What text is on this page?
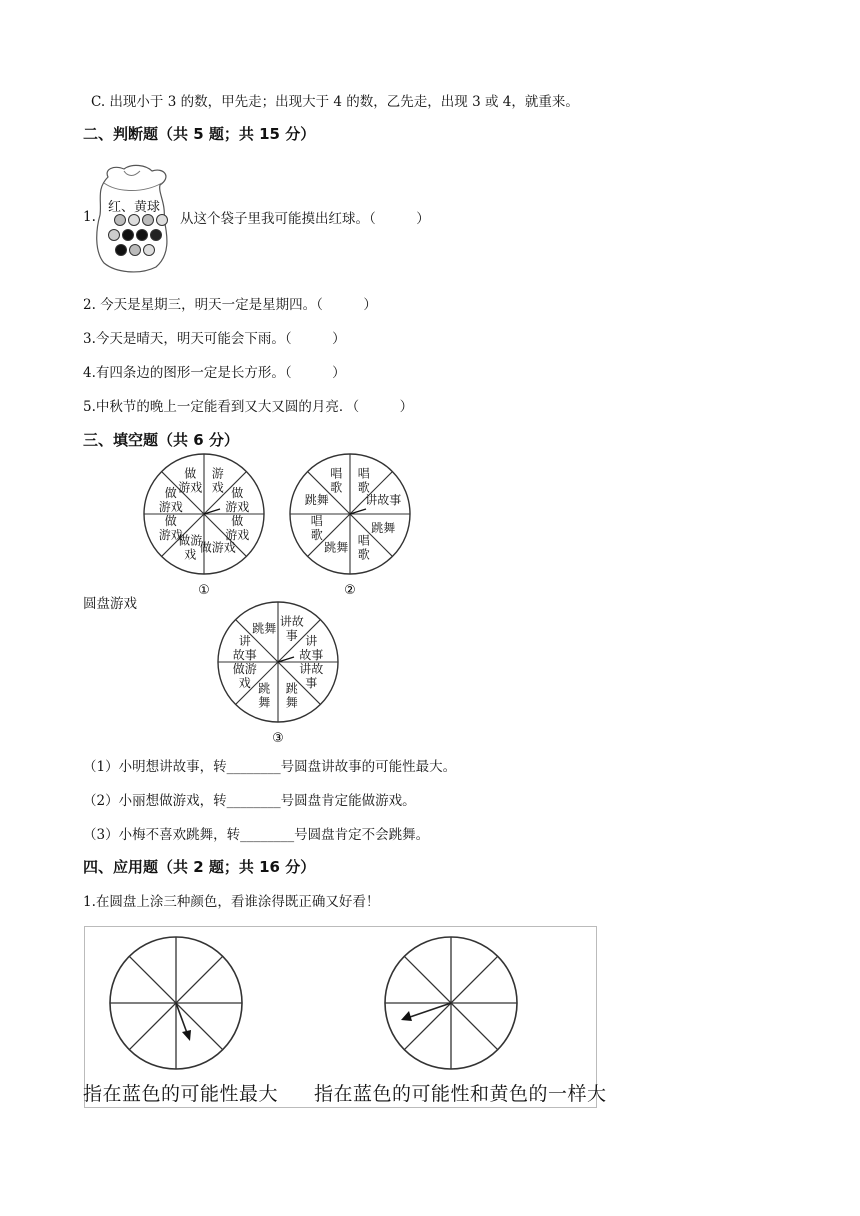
C. 出现小于 3 的数，甲先走；出现大于 4 的数，乙先走，出现 3 或 4，就重来。
二、判断题（共 5 题；共 15 分）
红、黄球
1.	从这个袋子里我可能摸出红球。（　　　）
2. 今天是星期三，明天一定是星期四。（　　　）
3.今天是晴天，明天可能会下雨。（　　　）
4.有四条边的图形一定是长方形。（　　　）
5.中秋节的晚上一定能看到又大又圆的月亮．（　　　）
三、填空题（共 6 分）
游戏 做游戏
做游戏
做游戏
做游戏
做游戏
做游戏
做游戏
①
唱歌
讲故事
跳舞
唱歌
跳舞
唱歌
跳舞
唱歌
②
圆盘游戏
讲故事 讲故事
讲故事
跳舞
跳舞
做游戏
讲故事
跳舞
③
（1）小明想讲故事，转________号圆盘讲故事的可能性最大。
（2）小丽想做游戏，转________号圆盘肯定能做游戏。
（3）小梅不喜欢跳舞，转________号圆盘肯定不会跳舞。
四、应用题（共 2 题；共 16 分）
1.在圆盘上涂三种颜色，看谁涂得既正确又好看！
指在蓝色的可能性最大 指在蓝色的可能性和黄色的一样大
